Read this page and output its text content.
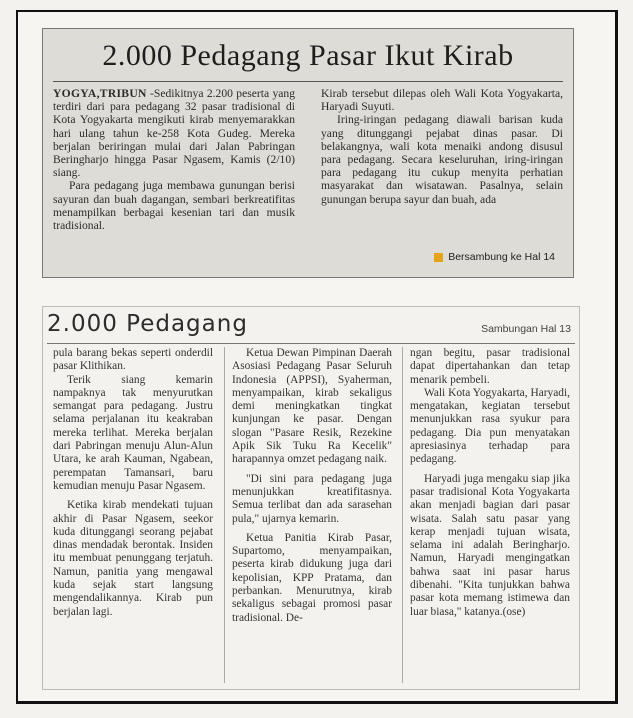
2.000 Pedagang Pasar Ikut Kirab

YOGYA,TRIBUN -Sedikitnya 2.200 peserta yang terdiri dari para pedagang 32 pasar tradisional di Kota Yogyakarta mengikuti kirab menyemarakkan hari ulang tahun ke-258 Kota Gudeg. Mereka berjalan beriringan mulai dari Jalan Pabringan Beringharjo hingga Pasar Ngasem, Kamis (2/10) siang.

Para pedagang juga membawa gunungan berisi sayuran dan buah dagangan, sembari berkreatifitas menampilkan berbagai kesenian tari dan musik tradisional.

Kirab tersebut dilepas oleh Wali Kota Yogyakarta, Haryadi Suyuti.

Iring-iringan pedagang diawali barisan kuda yang ditunggangi pejabat dinas pasar. Di belakangnya, wali kota menaiki andong disusul para pedagang. Secara keseluruhan, iring-iringan para pedagang itu cukup menyita perhatian masyarakat dan wisatawan. Pasalnya, selain gunungan berupa sayur dan buah, ada

Bersambung ke Hal 14
2.000 Pedagang	Sambungan Hal 13

pula barang bekas seperti onderdil pasar Klithikan.

Terik siang kemarin nampaknya tak menyurutkan semangat para pedagang. Justru selama perjalanan itu keakraban mereka terlihat. Mereka berjalan dari Pabringan menuju Alun-Alun Utara, ke arah Kauman, Ngabean, perempatan Tamansari, baru kemudian menuju Pasar Ngasem.

Ketika kirab mendekati tujuan akhir di Pasar Ngasem, seekor kuda ditunggangi seorang pejabat dinas mendadak berontak. Insiden itu membuat penunggang terjatuh. Namun, panitia yang mengawal kuda sejak start langsung mengendalikannya. Kirab pun berjalan lagi.

Ketua Dewan Pimpinan Daerah Asosiasi Pedagang Pasar Seluruh Indonesia (APPSI), Syaherman, menyampaikan, kirab sekaligus demi meningkatkan tingkat kunjungan ke pasar. Dengan slogan "Pasare Resik, Rezekine Apik Sik Tuku Ra Kecelik" harapannya omzet pedagang naik.

"Di sini para pedagang juga menunjukkan kreatifitasnya. Semua terlibat dan ada sarasehan pula," ujarnya kemarin.

Ketua Panitia Kirab Pasar, Supartomo, menyampaikan, peserta kirab didukung juga dari kepolisian, KPP Pratama, dan perbankan. Menurutnya, kirab sekaligus sebagai promosi pasar tradisional. De-

ngan begitu, pasar tradisional dapat dipertahankan dan tetap menarik pembeli.

Wali Kota Yogyakarta, Haryadi, mengatakan, kegiatan tersebut menunjukkan rasa syukur para pedagang. Dia pun menyatakan apresiasinya terhadap para pedagang.

Haryadi juga mengaku siap jika pasar tradisional Kota Yogyakarta akan menjadi bagian dari pasar wisata. Salah satu pasar yang kerap menjadi tujuan wisata, selama ini adalah Beringharjo. Namun, Haryadi mengingatkan bahwa saat ini pasar harus dibenahi. "Kita tunjukkan bahwa pasar kota memang istimewa dan luar biasa," katanya.(ose)
